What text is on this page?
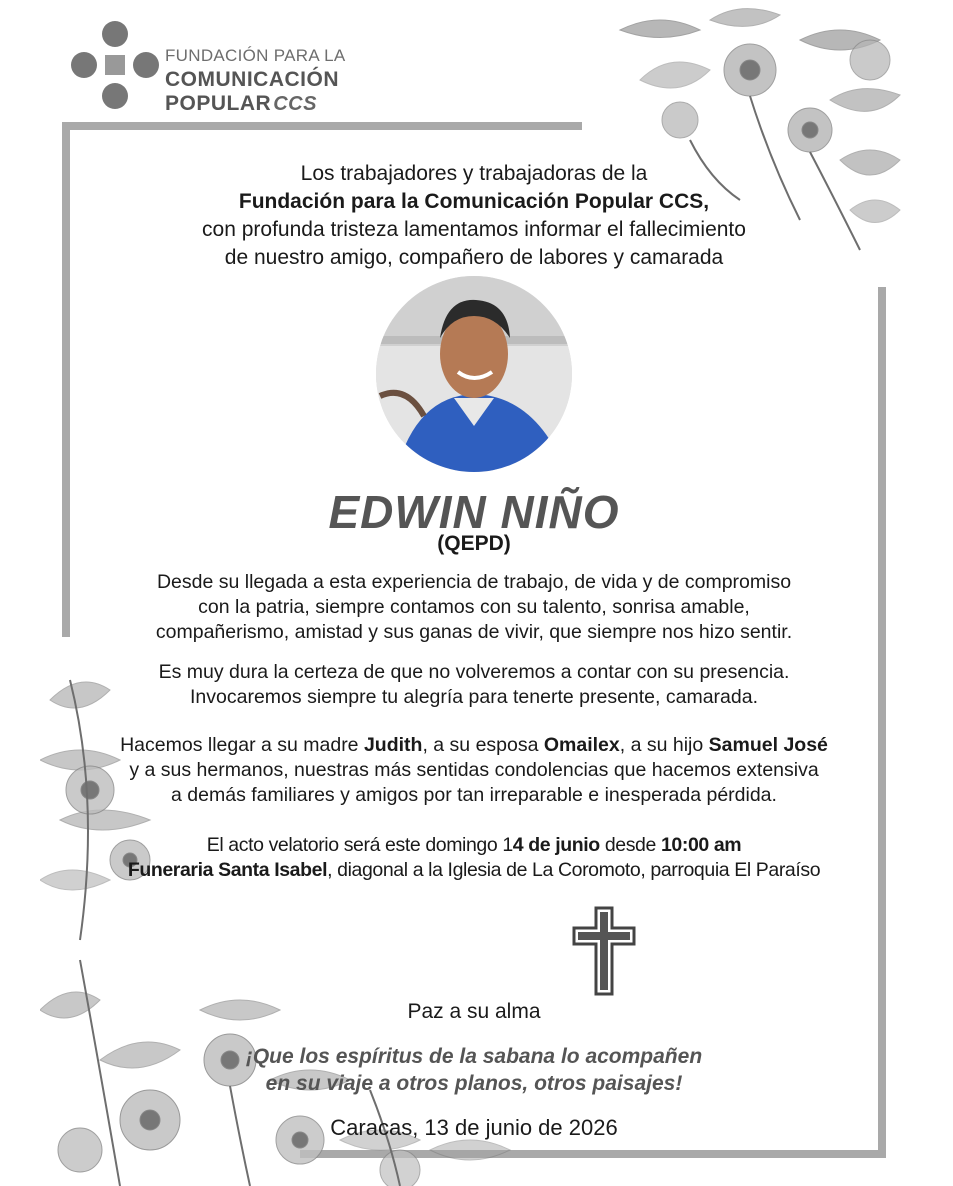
FUNDACIÓN PARA LA
COMUNICACIÓN POPULAR CCS
Los trabajadores y trabajadoras de la
Fundación para la Comunicación Popular CCS,
con profunda tristeza lamentamos informar el fallecimiento
de nuestro amigo, compañero de labores y camarada
EDWIN NIÑO
(QEPD)
Desde su llegada a esta experiencia de trabajo, de vida y de compromiso
con la patria, siempre contamos con su talento, sonrisa amable,
compañerismo, amistad y sus ganas de vivir, que siempre nos hizo sentir.
Es muy dura la certeza de que no volveremos a contar con su presencia.
Invocaremos siempre tu alegría para tenerte presente, camarada.
Hacemos llegar a su madre Judith, a su esposa Omailex, a su hijo Samuel José
y a sus hermanos, nuestras más sentidas condolencias que hacemos extensiva
a demás familiares y amigos por tan irreparable e inesperada pérdida.
El acto velatorio será este domingo 14 de junio desde 10:00 am
Funeraria Santa Isabel, diagonal a la Iglesia de La Coromoto, parroquia El Paraíso
Paz a su alma
¡Que los espíritus de la sabana lo acompañen
en su viaje a otros planos, otros paisajes!
Caracas, 13 de junio de 2026
